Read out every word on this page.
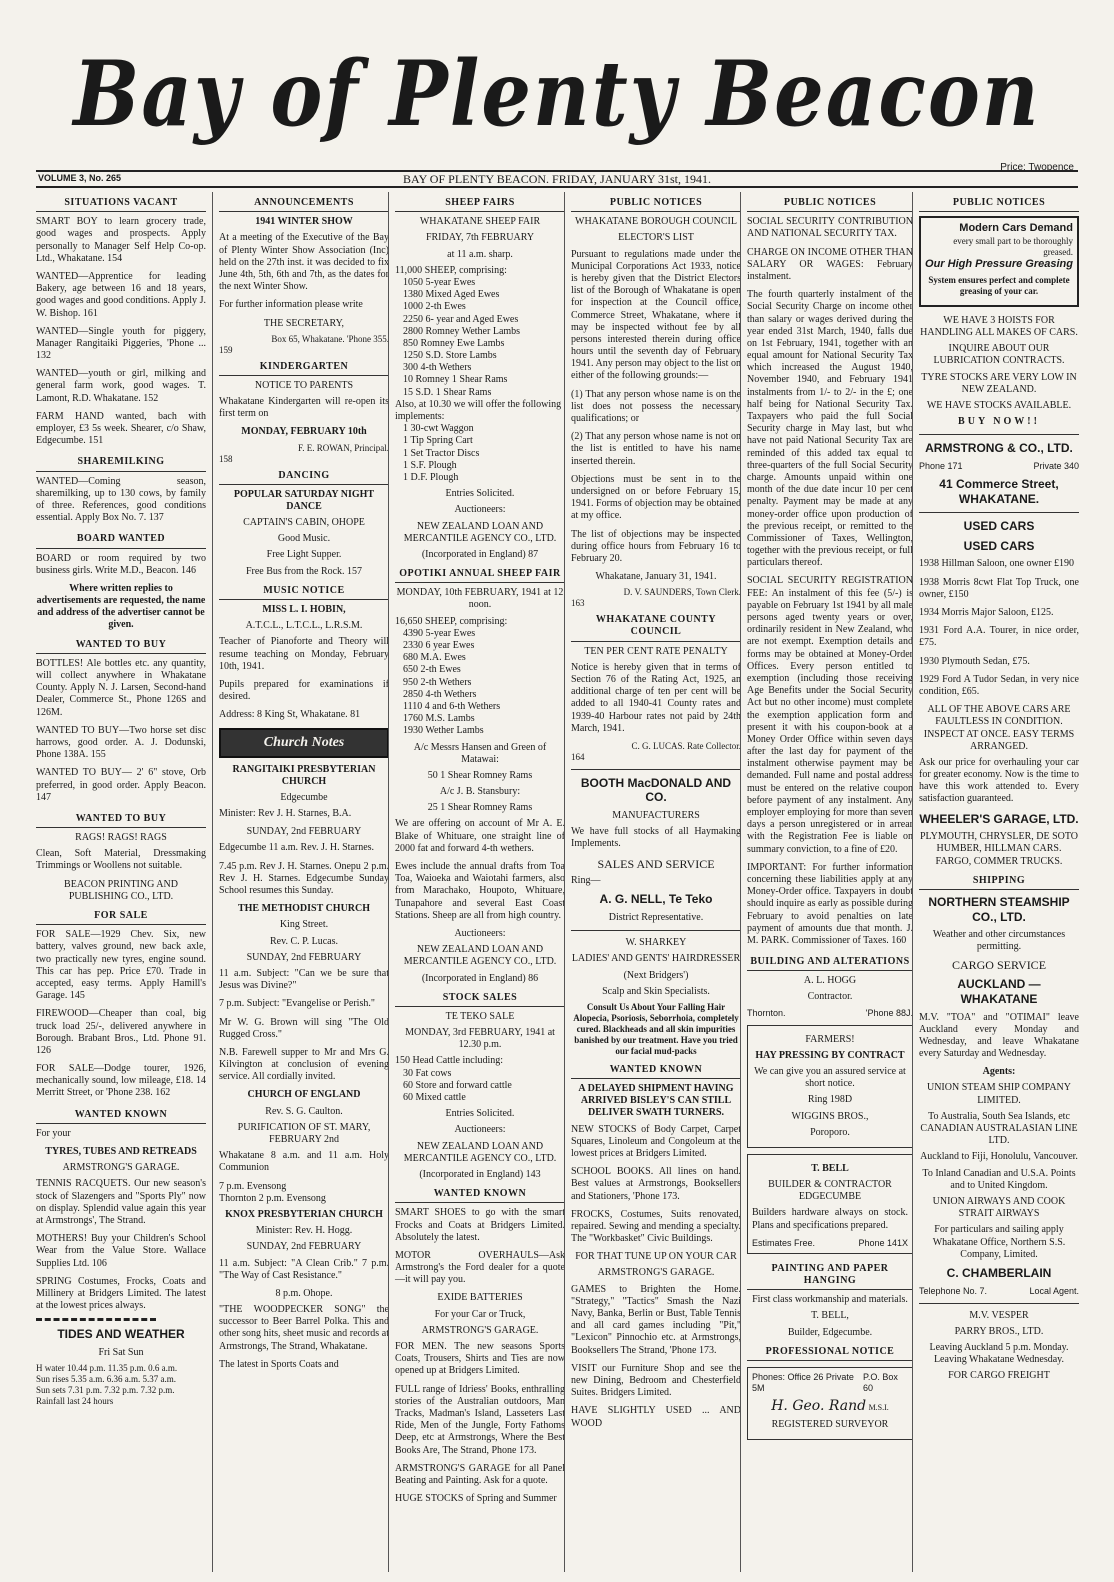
Bay of Plenty Beacon
Price: Twopence
VOLUME 3, No. 265	BAY OF PLENTY BEACON. FRIDAY, JANUARY 31st, 1941.
SITUATIONS VACANT

SMART BOY to learn grocery trade, good wages and prospects. Apply personally to Manager Self Help Co-op. Ltd., Whakatane. 154

WANTED—Apprentice for leading Bakery, age between 16 and 18 years, good wages and good conditions. Apply J. W. Bishop. 161

WANTED—Single youth for piggery, Manager Rangitaiki Piggeries, 'Phone ... 132

WANTED—youth or girl, milking and general farm work, good wages. T. Lamont, R.D. Whakatane. 152

FARM HAND wanted, bach with employer, £3 5s week. Shearer, c/o Shaw, Edgecumbe. 151

SHAREMILKING

WANTED—Coming season, sharemilking, up to 130 cows, by family of three. References, good conditions essential. Apply Box No. 7. 137

BOARD WANTED

BOARD or room required by two business girls. Write M.D., Beacon. 146

Where written replies to advertisements are requested, the name and address of the advertiser cannot be given.

WANTED TO BUY

BOTTLES! Ale bottles etc. any quantity, will collect anywhere in Whakatane County. Apply N. J. Larsen, Second-hand Dealer, Commerce St., Phone 126S and 126M.

WANTED TO BUY—Two horse set disc harrows, good order. A. J. Dodunski, Phone 138A. 155

WANTED TO BUY— 2' 6" stove, Orb preferred, in good order. Apply Beacon. 147

WANTED TO BUY
RAGS! RAGS! RAGS

Clean, Soft Material, Dressmaking Trimmings or Woollens not suitable.

BEACON PRINTING AND PUBLISHING CO., LTD.
FOR SALE

FOR SALE—1929 Chev. Six, new battery, valves ground, new back axle, two practically new tyres, engine sound. This car has pep. Price £70. Trade in accepted, easy terms. Apply Hamill's Garage. 145

FIREWOOD—Cheaper than coal, big truck load 25/-, delivered anywhere in Borough. Brabant Bros., Ltd. Phone 91. 126

FOR SALE—Dodge tourer, 1926, mechanically sound, low mileage, £18. 14 Merritt Street, or 'Phone 238. 162

WANTED KNOWN
For your
TYRES, TUBES AND RETREADS
ARMSTRONG'S GARAGE.

TENNIS RACQUETS. Our new season's stock of Slazengers and "Sports Ply" now on display. Splendid value again this year at Armstrongs', The Strand.

MOTHERS! Buy your Children's School Wear from the Value Store. Wallace Supplies Ltd. 106

SPRING Costumes, Frocks, Coats and Millinery at Bridgers Limited. The latest at the lowest prices always.

TIDES AND WEATHER
Fri Sat Sun
H water 10.44 p.m. 11.35 p.m. 0.6 a.m.
Sun rises 5.35 a.m. 6.36 a.m. 5.37 a.m.
Sun sets 7.31 p.m. 7.32 p.m. 7.32 p.m.
Rainfall last 24 hours
ANNOUNCEMENTS
1941 WINTER SHOW

At a meeting of the Executive of the Bay of Plenty Winter Show Association (Inc) held on the 27th inst. it was decided to fix June 4th, 5th, 6th and 7th, as the dates for the next Winter Show.

For further information please write

THE SECRETARY,
Box 65, Whakatane. 'Phone 355.
159
KINDERGARTEN
NOTICE TO PARENTS

Whakatane Kindergarten will re-open its first term on

MONDAY, FEBRUARY 10th
F. E. ROWAN, Principal.
158
DANCING
POPULAR SATURDAY NIGHT DANCE
CAPTAIN'S CABIN, OHOPE
Good Music.
Free Light Supper.
Free Bus from the Rock. 157
MUSIC NOTICE
MISS L. I. HOBIN,
A.T.C.L., L.T.C.L., L.R.S.M.

Teacher of Pianoforte and Theory will resume teaching on Monday, February 10th, 1941.

Pupils prepared for examinations if desired.

Address: 8 King St, Whakatane. 81

Church Notes
RANGITAIKI PRESBYTERIAN CHURCH
Edgecumbe

Minister: Rev J. H. Starnes, B.A.

SUNDAY, 2nd FEBRUARY

Edgecumbe 11 a.m. Rev. J. H. Starnes.

7.45 p.m. Rev J. H. Starnes. Onepu 2 p.m. Rev J. H. Starnes. Edgecumbe Sunday School resumes this Sunday.

THE METHODIST CHURCH
King Street.
Rev. C. P. Lucas.
SUNDAY, 2nd FEBRUARY

11 a.m. Subject: "Can we be sure that Jesus was Divine?"

7 p.m. Subject: "Evangelise or Perish."

Mr W. G. Brown will sing "The Old Rugged Cross."

N.B. Farewell supper to Mr and Mrs G. Kilvington at conclusion of evening service. All cordially invited.

CHURCH OF ENGLAND
Rev. S. G. Caulton.
PURIFICATION OF ST. MARY, FEBRUARY 2nd

Whakatane 8 a.m. and 11 a.m. Holy Communion

7 p.m. Evensong
Thornton 2 p.m. Evensong
KNOX PRESBYTERIAN CHURCH
Minister: Rev. H. Hogg.
SUNDAY, 2nd FEBRUARY

11 a.m. Subject: "A Clean Crib." 7 p.m. "The Way of Cast Resistance."

8 p.m. Ohope.

"THE WOODPECKER SONG" the successor to Beer Barrel Polka. This and other song hits, sheet music and records at Armstrongs, The Strand, Whakatane.

The latest in Sports Coats and

SHEEP FAIRS
WHAKATANE SHEEP FAIR
FRIDAY, 7th FEBRUARY
at 11 a.m. sharp.
11,000 SHEEP, comprising:
1050 5-year Ewes
1380 Mixed Aged Ewes
1000 2-th Ewes
2250 6- year and Aged Ewes
2800 Romney Wether Lambs
850 Romney Ewe Lambs
1250 S.D. Store Lambs
300 4-th Wethers
10 Romney 1 Shear Rams
15 S.D. 1 Shear Rams
Also, at 10.30 we will offer the following implements:
1 30-cwt Waggon
1 Tip Spring Cart
1 Set Tractor Discs
1 S.F. Plough
1 D.F. Plough
Entries Solicited.
Auctioneers:
NEW ZEALAND LOAN AND MERCANTILE AGENCY CO., LTD.
(Incorporated in England) 87
OPOTIKI ANNUAL SHEEP FAIR
MONDAY, 10th FEBRUARY, 1941 at 12 noon.
16,650 SHEEP, comprising:
4390 5-year Ewes
2330 6 year Ewes
680 M.A. Ewes
650 2-th Ewes
950 2-th Wethers
2850 4-th Wethers
1110 4 and 6-th Wethers
1760 M.S. Lambs
1930 Wether Lambs
A/c Messrs Hansen and Green of Matawai:
50 1 Shear Romney Rams
A/c J. B. Stansbury:
25 1 Shear Romney Rams

We are offering on account of Mr A. E. Blake of Whituare, one straight line of 2000 fat and forward 4-th wethers.

Ewes include the annual drafts from Toa Toa, Waioeka and Waiotahi farmers, also from Marachako, Houpoto, Whituare, Tunapahore and several East Coast Stations. Sheep are all from high country.

Auctioneers:
NEW ZEALAND LOAN AND MERCANTILE AGENCY CO., LTD.
(Incorporated in England) 86
STOCK SALES
TE TEKO SALE
MONDAY, 3rd FEBRUARY, 1941 at 12.30 p.m.
150 Head Cattle including:
30 Fat cows
60 Store and forward cattle
60 Mixed cattle
Entries Solicited.
Auctioneers:
NEW ZEALAND LOAN AND MERCANTILE AGENCY CO., LTD.
(Incorporated in England) 143
WANTED KNOWN

SMART SHOES to go with the smart Frocks and Coats at Bridgers Limited. Absolutely the latest.

MOTOR OVERHAULS—Ask Armstrong's the Ford dealer for a quote —it will pay you.

EXIDE BATTERIES
For your Car or Truck,
ARMSTRONG'S GARAGE.

FOR MEN. The new seasons Sports Coats, Trousers, Shirts and Ties are now opened up at Bridgers Limited.

FULL range of Idriess' Books, enthralling stories of the Australian outdoors, Man Tracks, Madman's Island, Lasseters Last Ride, Men of the Jungle, Forty Fathoms Deep, etc at Armstrongs, Where the Best Books Are, The Strand, Phone 173.

ARMSTRONG'S GARAGE for all Panel Beating and Painting. Ask for a quote.

HUGE STOCKS of Spring and Summer

PUBLIC NOTICES
WHAKATANE BOROUGH COUNCIL
ELECTOR'S LIST

Pursuant to regulations made under the Municipal Corporations Act 1933, notice is hereby given that the District Electors list of the Borough of Whakatane is open for inspection at the Council office, Commerce Street, Whakatane, where it may be inspected without fee by all persons interested therein during office hours until the seventh day of February 1941. Any person may object to the list on either of the following grounds:—

(1) That any person whose name is on the list does not possess the necessary qualifications; or

(2) That any person whose name is not on the list is entitled to have his name inserted therein.

Objections must be sent in to the undersigned on or before February 15, 1941. Forms of objection may be obtained at my office.

The list of objections may be inspected during office hours from February 16 to February 20.

Whakatane, January 31, 1941.
D. V. SAUNDERS, Town Clerk.
163
WHAKATANE COUNTY COUNCIL
TEN PER CENT RATE PENALTY

Notice is hereby given that in terms of Section 76 of the Rating Act, 1925, an additional charge of ten per cent will be added to all 1940-41 County rates and 1939-40 Harbour rates not paid by 24th March, 1941.

C. G. LUCAS. Rate Collector.
164
BOOTH MacDONALD AND CO.
MANUFACTURERS

We have full stocks of all Haymaking Implements.

SALES AND SERVICE
Ring—
A. G. NELL, Te Teko
District Representative.
W. SHARKEY
LADIES' AND GENTS' HAIRDRESSER
(Next Bridgers')
Scalp and Skin Specialists.

Consult Us About Your Falling Hair Alopecia, Psoriosis, Seborrhoia, completely cured. Blackheads and all skin impurities banished by our treatment. Have you tried our facial mud-packs

WANTED KNOWN

A DELAYED SHIPMENT HAVING ARRIVED BISLEY'S CAN STILL DELIVER SWATH TURNERS.

NEW STOCKS of Body Carpet, Carpet Squares, Linoleum and Congoleum at the lowest prices at Bridgers Limited.

SCHOOL BOOKS. All lines on hand. Best values at Armstrongs, Booksellers and Stationers, 'Phone 173.

FROCKS, Costumes, Suits renovated, repaired. Sewing and mending a specialty. The "Workbasket" Civic Buildings.

FOR THAT TUNE UP ON YOUR CAR
ARMSTRONG'S GARAGE.

GAMES to Brighten the Home. "Strategy," "Tactics" Smash the Nazi Navy, Banka, Berlin or Bust, Table Tennis and all card games including "Pit," "Lexicon" Pinnochio etc. at Armstrongs, Booksellers The Strand, 'Phone 173.

VISIT our Furniture Shop and see the new Dining, Bedroom and Chesterfield Suites. Bridgers Limited.

HAVE SLIGHTLY USED ... AND WOOD

PUBLIC NOTICES

SOCIAL SECURITY CONTRIBUTION AND NATIONAL SECURITY TAX.

CHARGE ON INCOME OTHER THAN SALARY OR WAGES: February instalment.

The fourth quarterly instalment of the Social Security Charge on income other than salary or wages derived during the year ended 31st March, 1940, falls due on 1st February, 1941, together with an equal amount for National Security Tax which increased the August 1940, November 1940, and February 1941 instalments from 1/- to 2/- in the £; one half being for National Security Tax. Taxpayers who paid the full Social Security charge in May last, but who have not paid National Security Tax are reminded of this added tax equal to three-quarters of the full Social Security charge. Amounts unpaid within one month of the due date incur 10 per cent penalty. Payment may be made at any money-order office upon production of the previous receipt, or remitted to the Commissioner of Taxes, Wellington, together with the previous receipt, or full particulars thereof.

SOCIAL SECURITY REGISTRATION FEE: An instalment of this fee (5/-) is payable on February 1st 1941 by all male persons aged twenty years or over, ordinarily resident in New Zealand, who are not exempt. Exemption details and forms may be obtained at Money-Order Offices. Every person entitled to exemption (including those receiving Age Benefits under the Social Security Act but no other income) must complete the exemption application form and present it with his coupon-book at a Money Order Office within seven days after the last day for payment of the instalment otherwise payment may be demanded. Full name and postal address must be entered on the relative coupon before payment of any instalment. Any employer employing for more than seven days a person unregistered or in arrear with the Registration Fee is liable on summary conviction, to a fine of £20.

IMPORTANT: For further information concerning these liabilities apply at any Money-Order office. Taxpayers in doubt should inquire as early as possible during February to avoid penalties on late payment of amounts due that month. J. M. PARK. Commissioner of Taxes. 160

BUILDING AND ALTERATIONS
A. L. HOGG
Contractor.
Thornton.	'Phone 88J.
FARMERS!
HAY PRESSING BY CONTRACT
We can give you an assured service at short notice.
Ring 198D
WIGGINS BROS.,
Poroporo.
T. BELL
BUILDER & CONTRACTOR EDGECUMBE

Builders hardware always on stock. Plans and specifications prepared.

Estimates Free.	Phone 141X
PAINTING AND PAPER HANGING
First class workmanship and materials.
T. BELL,
Builder, Edgecumbe.
PROFESSIONAL NOTICE
Phones: Office 26 Private 5M
P.O. Box 60
H. Geo. Rand M.S.I.
REGISTERED SURVEYOR
PUBLIC NOTICES
Modern Cars Demand
every small part to be thoroughly greased.
Our High Pressure Greasing
System ensures perfect and complete greasing of your car.

WE HAVE 3 HOISTS FOR HANDLING ALL MAKES OF CARS.

INQUIRE ABOUT OUR LUBRICATION CONTRACTS.

TYRE STOCKS ARE VERY LOW IN NEW ZEALAND.

WE HAVE STOCKS AVAILABLE.

BUY NOW!!
ARMSTRONG & CO., LTD.
Phone 171	Private 340
41 Commerce Street, WHAKATANE.
USED CARS
USED CARS

1938 Hillman Saloon, one owner £190

1938 Morris 8cwt Flat Top Truck, one owner, £150

1934 Morris Major Saloon, £125.

1931 Ford A.A. Tourer, in nice order, £75.

1930 Plymouth Sedan, £75.

1929 Ford A Tudor Sedan, in very nice condition, £65.

ALL OF THE ABOVE CARS ARE FAULTLESS IN CONDITION. INSPECT AT ONCE. EASY TERMS ARRANGED.

Ask our price for overhauling your car for greater economy. Now is the time to have this work attended to. Every satisfaction guaranteed.

WHEELER'S GARAGE, LTD.
PLYMOUTH, CHRYSLER, DE SOTO HUMBER, HILLMAN CARS. FARGO, COMMER TRUCKS.
SHIPPING
NORTHERN STEAMSHIP CO., LTD.
Weather and other circumstances permitting.
CARGO SERVICE
AUCKLAND — WHAKATANE

M.V. "TOA" and "OTIMAI" leave Auckland every Monday and Wednesday, and leave Whakatane every Saturday and Wednesday.

Agents:
UNION STEAM SHIP COMPANY LIMITED.
To Australia, South Sea Islands, etc CANADIAN AUSTRALASIAN LINE LTD.
Auckland to Fiji, Honolulu, Vancouver.
To Inland Canadian and U.S.A. Points and to United Kingdom.
UNION AIRWAYS AND COOK STRAIT AIRWAYS
For particulars and sailing apply Whakatane Office, Northern S.S. Company, Limited.
C. CHAMBERLAIN
Telephone No. 7.	Local Agent.
M.V. VESPER
PARRY BROS., LTD.
Leaving Auckland 5 p.m. Monday. Leaving Whakatane Wednesday.
FOR CARGO FREIGHT
